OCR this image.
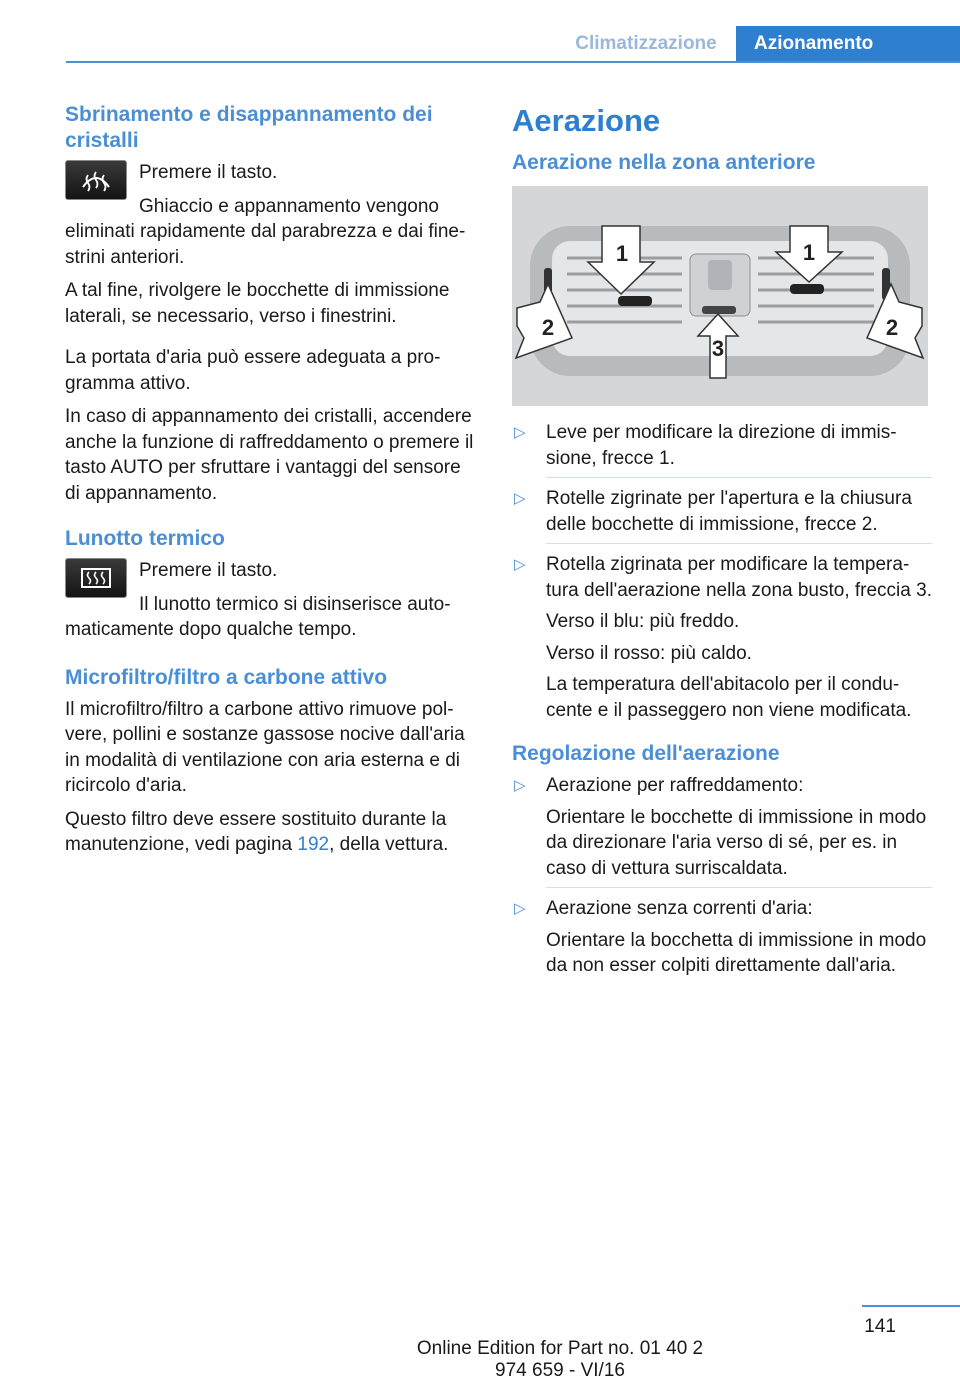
Climatizzazione	Azionamento
Sbrinamento e disappannamento dei cristalli

Premere il tasto.

Ghiaccio e appannamento vengono eliminati rapidamente dal parabrezza e dai finestrini anteriori.

A tal fine, rivolgere le bocchette di immissione laterali, se necessario, verso i finestrini.

La portata d'aria può essere adeguata a programma attivo.

In caso di appannamento dei cristalli, accendere anche la funzione di raffreddamento o premere il tasto AUTO per sfruttare i vantaggi del sensore di appannamento.

Lunotto termico

Premere il tasto.

Il lunotto termico si disinserisce automaticamente dopo qualche tempo.

Microfiltro/filtro a carbone attivo

Il microfiltro/filtro a carbone attivo rimuove polvere, pollini e sostanze gassose nocive dall'aria in modalità di ventilazione con aria esterna e di ricircolo d'aria.

Questo filtro deve essere sostituito durante la manutenzione, vedi pagina 192, della vettura.

Aerazione
Aerazione nella zona anteriore
1	1
2	2
3
▷ Leve per modificare la direzione di immissione, frecce 1.

▷ Rotelle zigrinate per l'apertura e la chiusura delle bocchette di immissione, frecce 2.

▷ Rotella zigrinata per modificare la temperatura dell'aerazione nella zona busto, freccia 3.

Verso il blu: più freddo.

Verso il rosso: più caldo.

La temperatura dell'abitacolo per il conducente e il passeggero non viene modificata.

Regolazione dell'aerazione
▷ Aerazione per raffreddamento:

Orientare le bocchette di immissione in modo da direzionare l'aria verso di sé, per es. in caso di vettura surriscaldata.

▷ Aerazione senza correnti d'aria:

Orientare la bocchetta di immissione in modo da non esser colpiti direttamente dall'aria.

141
Online Edition for Part no. 01 40 2 974 659 - VI/16
